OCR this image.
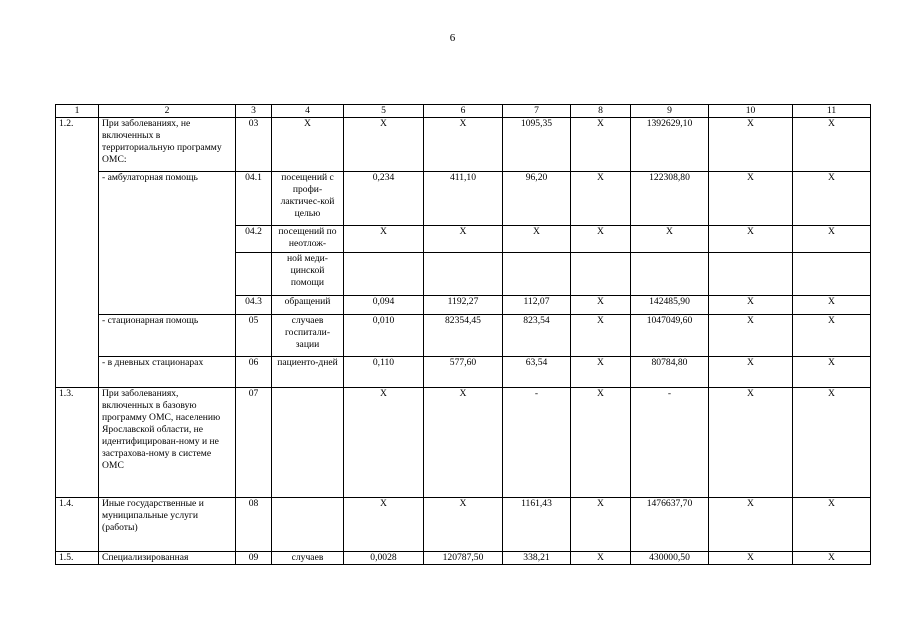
6
1	2	3	4	5	6	7	8	9	10	11
1.2.	При заболеваниях, не включенных в территориальную программу ОМС:	03	Х	Х	Х	1095,35	Х	1392629,10	Х	Х
	- амбулаторная помощь	04.1	посещений с профи-лактичес-кой целью	0,234	411,10	96,20	Х	122308,80	Х	Х
		04.2	посещений по неотлож-	Х	Х	Х	Х	Х	Х	Х
			ной меди-цинской помощи							
		04.3	обращений	0,094	1192,27	112,07	Х	142485,90	Х	Х
	- стационарная помощь	05	случаев госпитали-зации	0,010	82354,45	823,54	Х	1047049,60	Х	Х
	- в дневных стационарах	06	пациенто-дней	0,110	577,60	63,54	Х	80784,80	Х	Х
1.3.	При заболеваниях, включенных в базовую программу ОМС, населению Ярославской области, не идентифицирован-ному и не застрахова-ному в системе ОМС	07		Х	Х	-	Х	-	Х	Х
1.4.	Иные государственные и муниципальные услуги (работы)	08		Х	Х	1161,43	Х	1476637,70	Х	Х
1.5.	Специализированная	09	случаев	0,0028	120787,50	338,21	Х	430000,50	Х	Х
